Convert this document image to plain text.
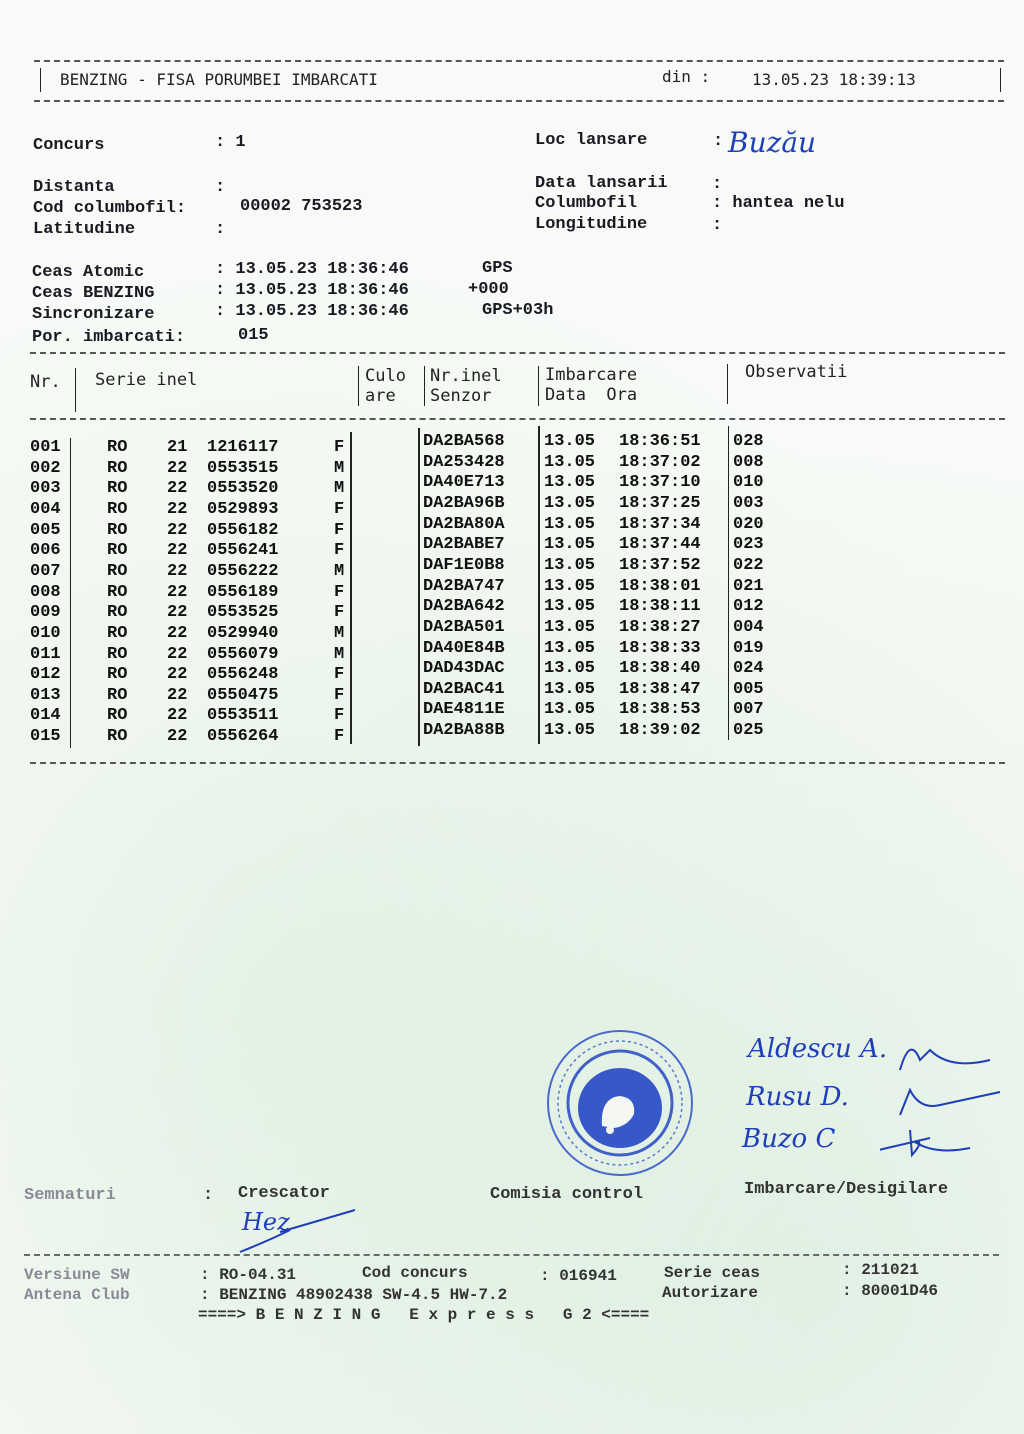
BENZING - FISA PORUMBEI IMBARCATI	din :	13.05.23 18:39:13
Concurs	: 1
Distanta	:
Cod columbofil:	00002 753523
Latitudine	:
Loc lansare	: Buzău
Data lansarii	:
Columbofil	: hantea nelu
Longitudine	:
Ceas Atomic	: 13.05.23 18:36:46	GPS
Ceas BENZING	: 13.05.23 18:36:46	+000
Sincronizare	: 13.05.23 18:36:46	GPS+03h
Por. imbarcati:	015
Nr. Serie inel	Culo
are
Nr.inel
Senzor
Imbarcare
Data  Ora
Observatii
001	RO 21 1216117	F	DA2BA568 13.05 18:36:51 028
002	RO 22 0553515	M	DA253428 13.05 18:37:02 008
003	RO 22 0553520	M	DA40E713 13.05 18:37:10 010
004	RO 22 0529893	F	DA2BA96B 13.05 18:37:25 003
005	RO 22 0556182	F	DA2BA80A 13.05 18:37:34 020
006	RO 22 0556241	F	DA2BABE7 13.05 18:37:44 023
007	RO 22 0556222	M	DAF1E0B8 13.05 18:37:52 022
008	RO 22 0556189	F	DA2BA747 13.05 18:38:01 021
009	RO 22 0553525	F	DA2BA642 13.05 18:38:11 012
010	RO 22 0529940	M	DA2BA501 13.05 18:38:27 004
011	RO 22 0556079	M	DA40E84B 13.05 18:38:33 019
012	RO 22 0556248	F	DAD43DAC 13.05 18:38:40 024
013	RO 22 0550475	F	DA2BAC41 13.05 18:38:47 005
014	RO 22 0553511	F	DAE4811E 13.05 18:38:53 007
015	RO 22 0556264	F	DA2BA88B 13.05 18:39:02 025
Aldescu A.
Rusu D.
Buzo C
Semnaturi	: Crescator	Comisia control	Imbarcare/Desigilare
Hez
Versiune SW	: RO-04.31	Cod concurs	: 016941	Serie ceas	: 211021
Antena Club	: BENZING 48902438 SW-4.5 HW-7.2	Autorizare	: 80001D46
====> B E N Z I N G   E x p r e s s   G 2 <====
